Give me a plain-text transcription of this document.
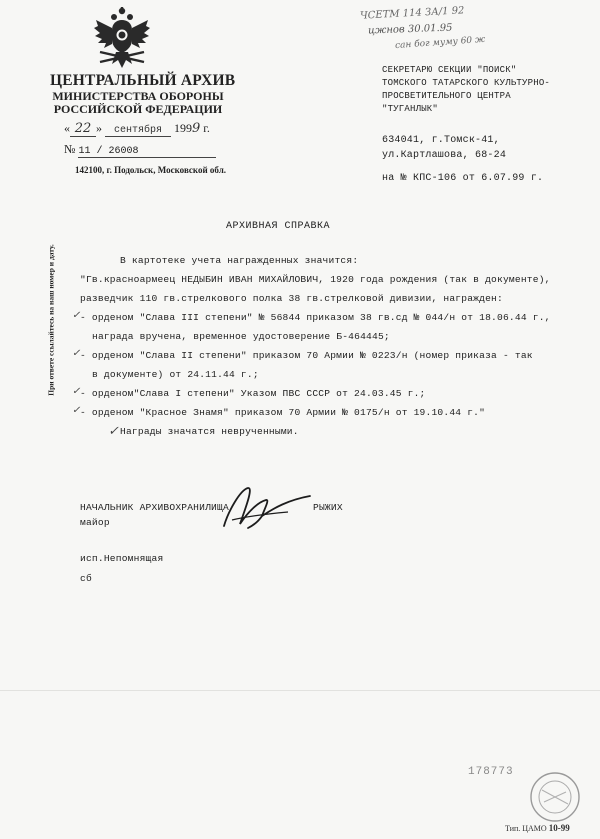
ЦЕНТРАЛЬНЫЙ АРХИВ
МИНИСТЕРСТВА ОБОРОНЫ
РОССИЙСКОЙ ФЕДЕРАЦИИ
« 22 » сентября 1999 г.
№ 11 / 26008
142100, г. Подольск, Московской обл.
ЧСЕТМ 114 ЗА/1 92
цжнов 30.01.95
сан бог муму 60 ж
СЕКРЕТАРЮ СЕКЦИИ "ПОИСК"
ТОМСКОГО ТАТАРСКОГО КУЛЬТУРНО-
ПРОСВЕТИТЕЛЬНОГО ЦЕНТРА
"ТУГАНЛЫК"
634041, г.Томск-41,
ул.Картлашова, 68-24
на № КПС-106 от 6.07.99 г.
При ответе ссылайтесь на наш номер и дату.
АРХИВНАЯ СПРАВКА
В картотеке учета награжденных значится:
"Гв.красноармеец НЕДЫБИН ИВАН МИХАЙЛОВИЧ, 1920 года рождения (так в документе),
разведчик 110 гв.стрелкового полка 38 гв.стрелковой дивизии, награжден:
- орденом "Слава III степени" № 56844 приказом 38 гв.сд № 044/н от 18.06.44 г.,
награда вручена, временное удостоверение Б-464445;
- орденом "Слава II степени" приказом 70 Армии № 0223/н (номер приказа - так
в документе) от 24.11.44 г.;
- орденом"Слава I степени" Указом ПВС СССР от 24.03.45 г.;
- орденом "Красное Знамя" приказом 70 Армии № 0175/н от 19.10.44 г."
Награды значатся неврученными.
✓
✓
✓
✓
✓
НАЧАЛЬНИК АРХИВОХРАНИЛИЩА
майор
РЫЖИХ
исп.Непомнящая
сб
178773
Тип. ЦАМО 10-99
